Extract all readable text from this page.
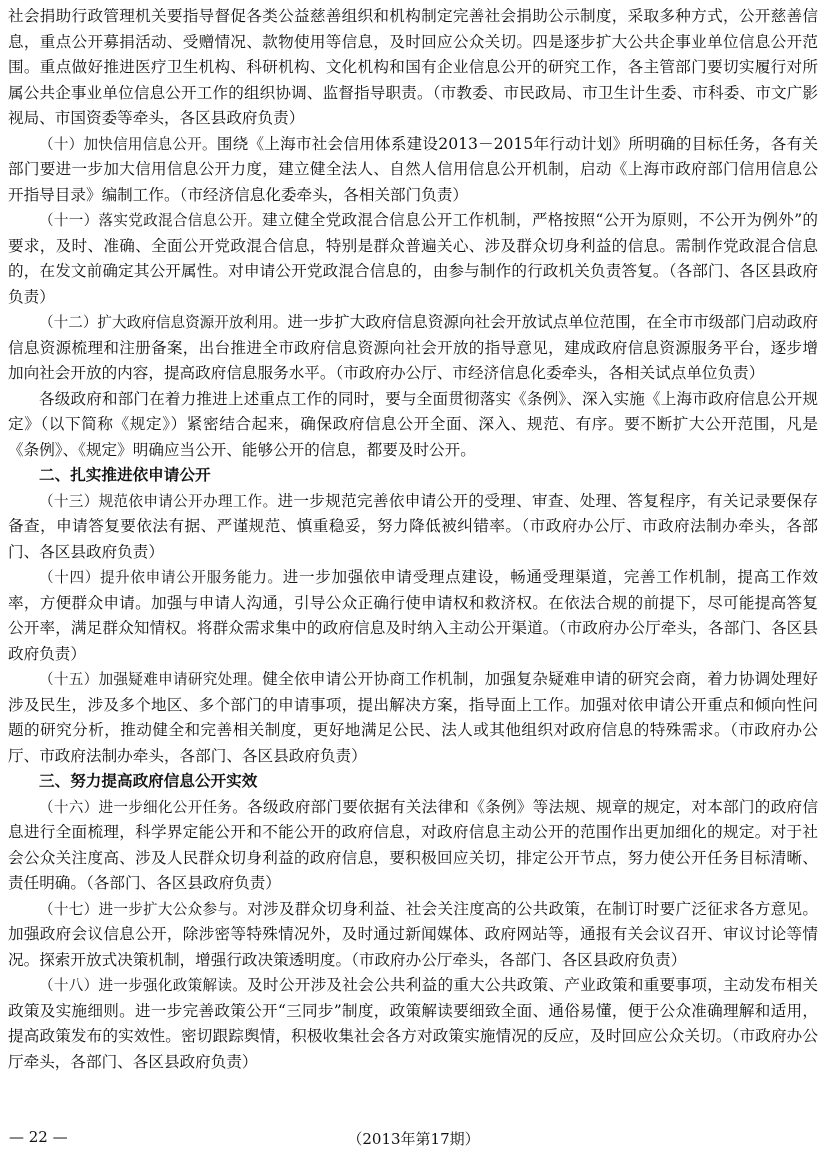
社会捐助行政管理机关要指导督促各类公益慈善组织和机构制定完善社会捐助公示制度，采取多种方式，公开慈善信息，重点公开募捐活动、受赠情况、款物使用等信息，及时回应公众关切。四是逐步扩大公共企事业单位信息公开范围。重点做好推进医疗卫生机构、科研机构、文化机构和国有企业信息公开的研究工作，各主管部门要切实履行对所属公共企事业单位信息公开工作的组织协调、监督指导职责。（市教委、市民政局、市卫生计生委、市科委、市文广影视局、市国资委等牵头，各区县政府负责）

（十）加快信用信息公开。围绕《上海市社会信用体系建设2013－2015年行动计划》所明确的目标任务，各有关部门要进一步加大信用信息公开力度，建立健全法人、自然人信用信息公开机制，启动《上海市政府部门信用信息公开指导目录》编制工作。（市经济信息化委牵头，各相关部门负责）

（十一）落实党政混合信息公开。建立健全党政混合信息公开工作机制，严格按照“公开为原则，不公开为例外”的要求，及时、准确、全面公开党政混合信息，特别是群众普遍关心、涉及群众切身利益的信息。需制作党政混合信息的，在发文前确定其公开属性。对申请公开党政混合信息的，由参与制作的行政机关负责答复。（各部门、各区县政府负责）

（十二）扩大政府信息资源开放利用。进一步扩大政府信息资源向社会开放试点单位范围，在全市市级部门启动政府信息资源梳理和注册备案，出台推进全市政府信息资源向社会开放的指导意见，建成政府信息资源服务平台，逐步增加向社会开放的内容，提高政府信息服务水平。（市政府办公厅、市经济信息化委牵头，各相关试点单位负责）

各级政府和部门在着力推进上述重点工作的同时，要与全面贯彻落实《条例》、深入实施《上海市政府信息公开规定》（以下简称《规定》）紧密结合起来，确保政府信息公开全面、深入、规范、有序。要不断扩大公开范围，凡是《条例》、《规定》明确应当公开、能够公开的信息，都要及时公开。

二、扎实推进依申请公开

（十三）规范依申请公开办理工作。进一步规范完善依申请公开的受理、审查、处理、答复程序，有关记录要保存备查，申请答复要依法有据、严谨规范、慎重稳妥，努力降低被纠错率。（市政府办公厅、市政府法制办牵头，各部门、各区县政府负责）

（十四）提升依申请公开服务能力。进一步加强依申请受理点建设，畅通受理渠道，完善工作机制，提高工作效率，方便群众申请。加强与申请人沟通，引导公众正确行使申请权和救济权。在依法合规的前提下，尽可能提高答复公开率，满足群众知情权。将群众需求集中的政府信息及时纳入主动公开渠道。（市政府办公厅牵头，各部门、各区县政府负责）

（十五）加强疑难申请研究处理。健全依申请公开协商工作机制，加强复杂疑难申请的研究会商，着力协调处理好涉及民生，涉及多个地区、多个部门的申请事项，提出解决方案，指导面上工作。加强对依申请公开重点和倾向性问题的研究分析，推动健全和完善相关制度，更好地满足公民、法人或其他组织对政府信息的特殊需求。（市政府办公厅、市政府法制办牵头，各部门、各区县政府负责）

三、努力提高政府信息公开实效

（十六）进一步细化公开任务。各级政府部门要依据有关法律和《条例》等法规、规章的规定，对本部门的政府信息进行全面梳理，科学界定能公开和不能公开的政府信息，对政府信息主动公开的范围作出更加细化的规定。对于社会公众关注度高、涉及人民群众切身利益的政府信息，要积极回应关切，排定公开节点，努力使公开任务目标清晰、责任明确。（各部门、各区县政府负责）

（十七）进一步扩大公众参与。对涉及群众切身利益、社会关注度高的公共政策，在制订时要广泛征求各方意见。加强政府会议信息公开，除涉密等特殊情况外，及时通过新闻媒体、政府网站等，通报有关会议召开、审议讨论等情况。探索开放式决策机制，增强行政决策透明度。（市政府办公厅牵头，各部门、各区县政府负责）

（十八）进一步强化政策解读。及时公开涉及社会公共利益的重大公共政策、产业政策和重要事项，主动发布相关政策及实施细则。进一步完善政策公开“三同步”制度，政策解读要细致全面、通俗易懂，便于公众准确理解和适用，提高政策发布的实效性。密切跟踪舆情，积极收集社会各方对政策实施情况的反应，及时回应公众关切。（市政府办公厅牵头，各部门、各区县政府负责）

— 22 —	（2013年第17期）
